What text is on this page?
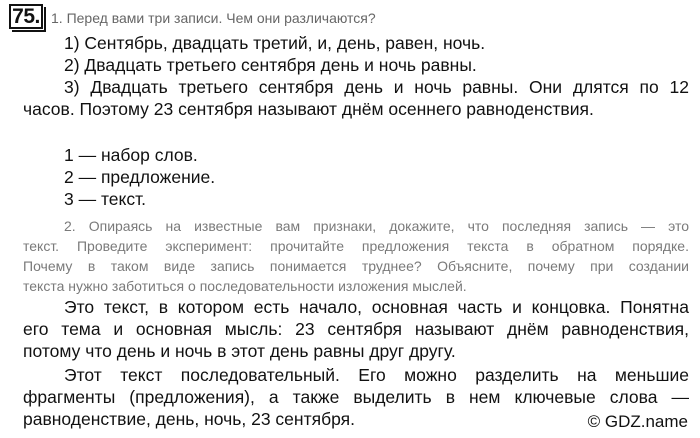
75. 1. Перед вами три записи. Чем они различаются?
1) Сентябрь, двадцать третий, и, день, равен, ночь.
2) Двадцать третьего сентября день и ночь равны.
3) Двадцать третьего сентября день и ночь равны. Они длятся по 12
часов. Поэтому 23 сентября называют днём осеннего равноденствия.
1 — набор слов.
2 — предложение.
3 — текст.
2. Опираясь на известные вам признаки, докажите, что последняя запись — это
текст. Проведите эксперимент: прочитайте предложения текста в обратном порядке.
Почему в таком виде запись понимается труднее? Объясните, почему при создании
текста нужно заботиться о последовательности изложения мыслей.
Это текст, в котором есть начало, основная часть и концовка. Понятна
его тема и основная мысль: 23 сентября называют днём равноденствия,
потому что день и ночь в этот день равны друг другу.
Этот текст последовательный. Его можно разделить на меньшие
фрагменты (предложения), а также выделить в нем ключевые слова —
равноденствие, день, ночь, 23 сентября.	© GDZ.name
